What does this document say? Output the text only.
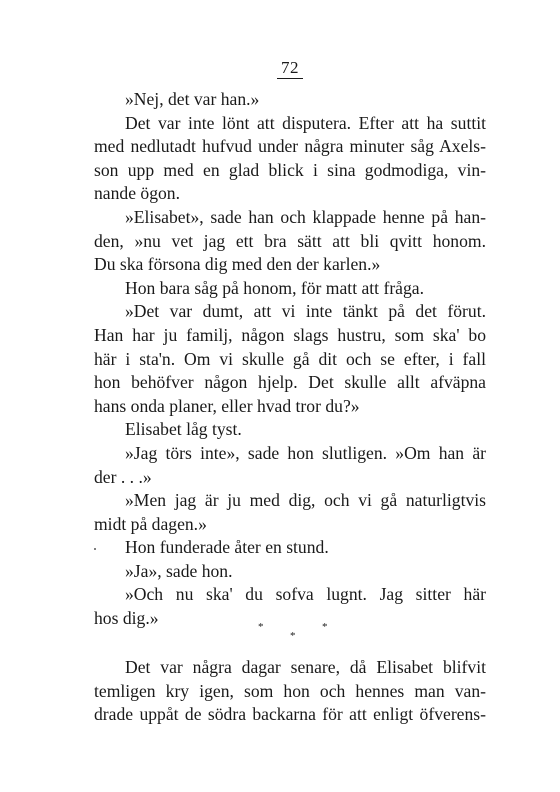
72
»Nej, det var han.»
Det var inte lönt att disputera. Efter att ha suttit
med nedlutadt hufvud under några minuter såg Axels-
son upp med en glad blick i sina godmodiga, vin-
nande ögon.
»Elisabet», sade han och klappade henne på han-
den, »nu vet jag ett bra sätt att bli qvitt honom.
Du ska försona dig med den der karlen.»
Hon bara såg på honom, för matt att fråga.
»Det var dumt, att vi inte tänkt på det förut.
Han har ju familj, någon slags hustru, som ska' bo
här i sta'n. Om vi skulle gå dit och se efter, i fall
hon behöfver någon hjelp. Det skulle allt afväpna
hans onda planer, eller hvad tror du?»
Elisabet låg tyst.
»Jag törs inte», sade hon slutligen. »Om han är
der . . .»
»Men jag är ju med dig, och vi gå naturligtvis
midt på dagen.»
Hon funderade åter en stund.
»Ja», sade hon.
»Och nu ska' du sofva lugnt. Jag sitter här
hos dig.»	*	*
*
Det var några dagar senare, då Elisabet blifvit
temligen kry igen, som hon och hennes man van-
drade uppåt de södra backarna för att enligt öfverens-
